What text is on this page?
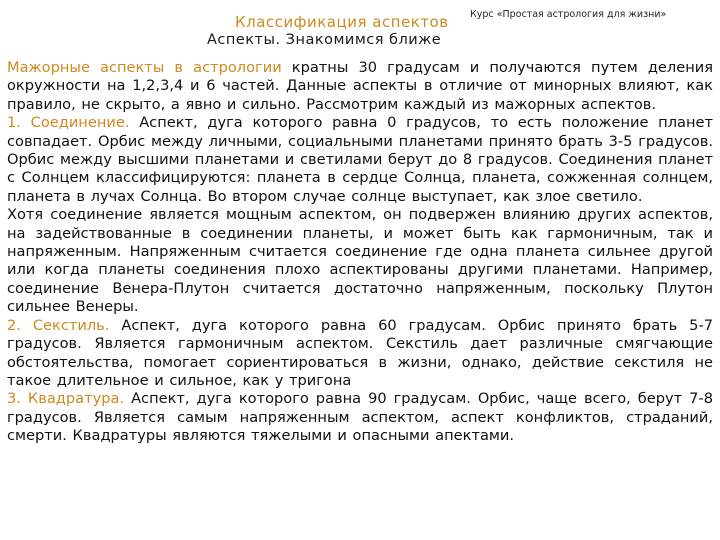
Курс «Простая астрология для жизни»
Классификация аспектов
Аспекты. Знакомимся ближе

Мажорные аспекты в астрологии кратны 30 градусам и получаются путем деления окружности на 1,2,3,4 и 6 частей. Данные аспекты в отличие от минорных влияют, как правило, не скрыто, а явно и сильно. Рассмотрим каждый из мажорных аспектов.

1. Соединение. Аспект, дуга которого равна 0 градусов, то есть положение планет совпадает. Орбис между личными, социальными планетами принято брать 3-5 градусов. Орбис между высшими планетами и светилами берут до 8 градусов. Соединения планет с Солнцем классифицируются: планета в сердце Солнца, планета, сожженная солнцем, планета в лучах Солнца. Во втором случае солнце выступает, как злое светило.

Хотя соединение является мощным аспектом, он подвержен влиянию других аспектов, на задействованные в соединении планеты, и может быть как гармоничным, так и напряженным. Напряженным считается соединение где одна планета сильнее другой или когда планеты соединения плохо аспектированы другими планетами. Например, соединение Венера-Плутон считается достаточно напряженным, поскольку Плутон сильнее Венеры.

2. Секстиль. Аспект, дуга которого равна 60 градусам. Орбис принято брать 5-7 градусов. Является гармоничным аспектом. Секстиль дает различные смягчающие обстоятельства, помогает сориентироваться в жизни, однако, действие секстиля не такое длительное и сильное, как у тригона

3. Квадратура. Аспект, дуга которого равна 90 градусам. Орбис, чаще всего, берут 7-8 градусов. Является самым напряженным аспектом, аспект конфликтов, страданий, смерти. Квадратуры являются тяжелыми и опасными апектами.
